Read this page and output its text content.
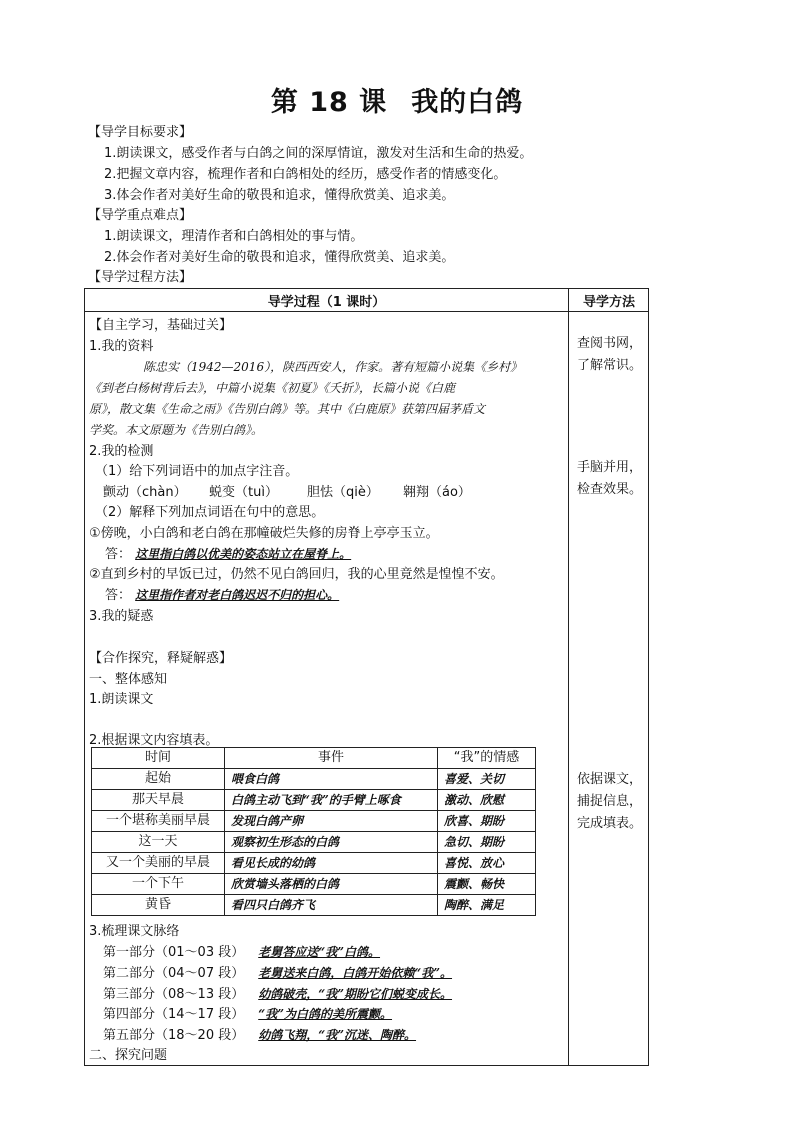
第 18 课 我的白鸽
【导学目标要求】
1.朗读课文，感受作者与白鸽之间的深厚情谊，激发对生活和生命的热爱。
2.把握文章内容，梳理作者和白鸽相处的经历，感受作者的情感变化。
3.体会作者对美好生命的敬畏和追求，懂得欣赏美、追求美。
【导学重点难点】
1.朗读课文，理清作者和白鸽相处的事与情。
2.体会作者对美好生命的敬畏和追求，懂得欣赏美、追求美。
【导学过程方法】
导学过程（1 课时）	导学方法
【自主学习，基础过关】
1.我的资料
陈忠实（1942—2016），陕西西安人，作家。著有短篇小说集《乡村》
《到老白杨树背后去》，中篇小说集《初夏》《夭折》，长篇小说《白鹿
原》，散文集《生命之雨》《告别白鸽》等。其中《白鹿原》获第四届茅盾文
学奖。本文原题为《告别白鸽》。
2.我的检测
（1）给下列词语中的加点字注音。
颤动（chàn） 蜕变（tuì） 胆怯（qiè） 翱翔（áo）
（2）解释下列加点词语在句中的意思。
①傍晚，小白鸽和老白鸽在那幢破烂失修的房脊上亭亭玉立。
答： 这里指白鸽以优美的姿态站立在屋脊上。
②直到乡村的早饭已过，仍然不见白鸽回归，我的心里竟然是惶惶不安。
答： 这里指作者对老白鸽迟迟不归的担心。
3.我的疑惑
【合作探究，释疑解惑】
一、整体感知
1.朗读课文
2.根据课文内容填表。
时间	事件	“我”的情感
起始	喂食白鸽	喜爱、关切
那天早晨	白鸽主动飞到“我”的手臂上啄食	激动、欣慰
一个堪称美丽早晨	发现白鸽产卵	欣喜、期盼
这一天	观察初生形态的白鸽	急切、期盼
又一个美丽的早晨	看见长成的幼鸽	喜悦、放心
一个下午	欣赏墙头落栖的白鸽	震颤、畅快
黄昏	看四只白鸽齐飞	陶醉、满足
3.梳理课文脉络
第一部分（01～03 段） 老舅答应送“我”白鸽。
第二部分（04～07 段） 老舅送来白鸽，白鸽开始依赖“我”。
第三部分（08～13 段） 幼鸽破壳，“我”期盼它们蜕变成长。
第四部分（14～17 段） “我”为白鸽的美所震颤。
第五部分（18～20 段） 幼鸽飞翔，“我”沉迷、陶醉。
二、探究问题
查阅书网，
了解常识。
手脑并用，
检查效果。
依据课文，
捕捉信息，
完成填表。
